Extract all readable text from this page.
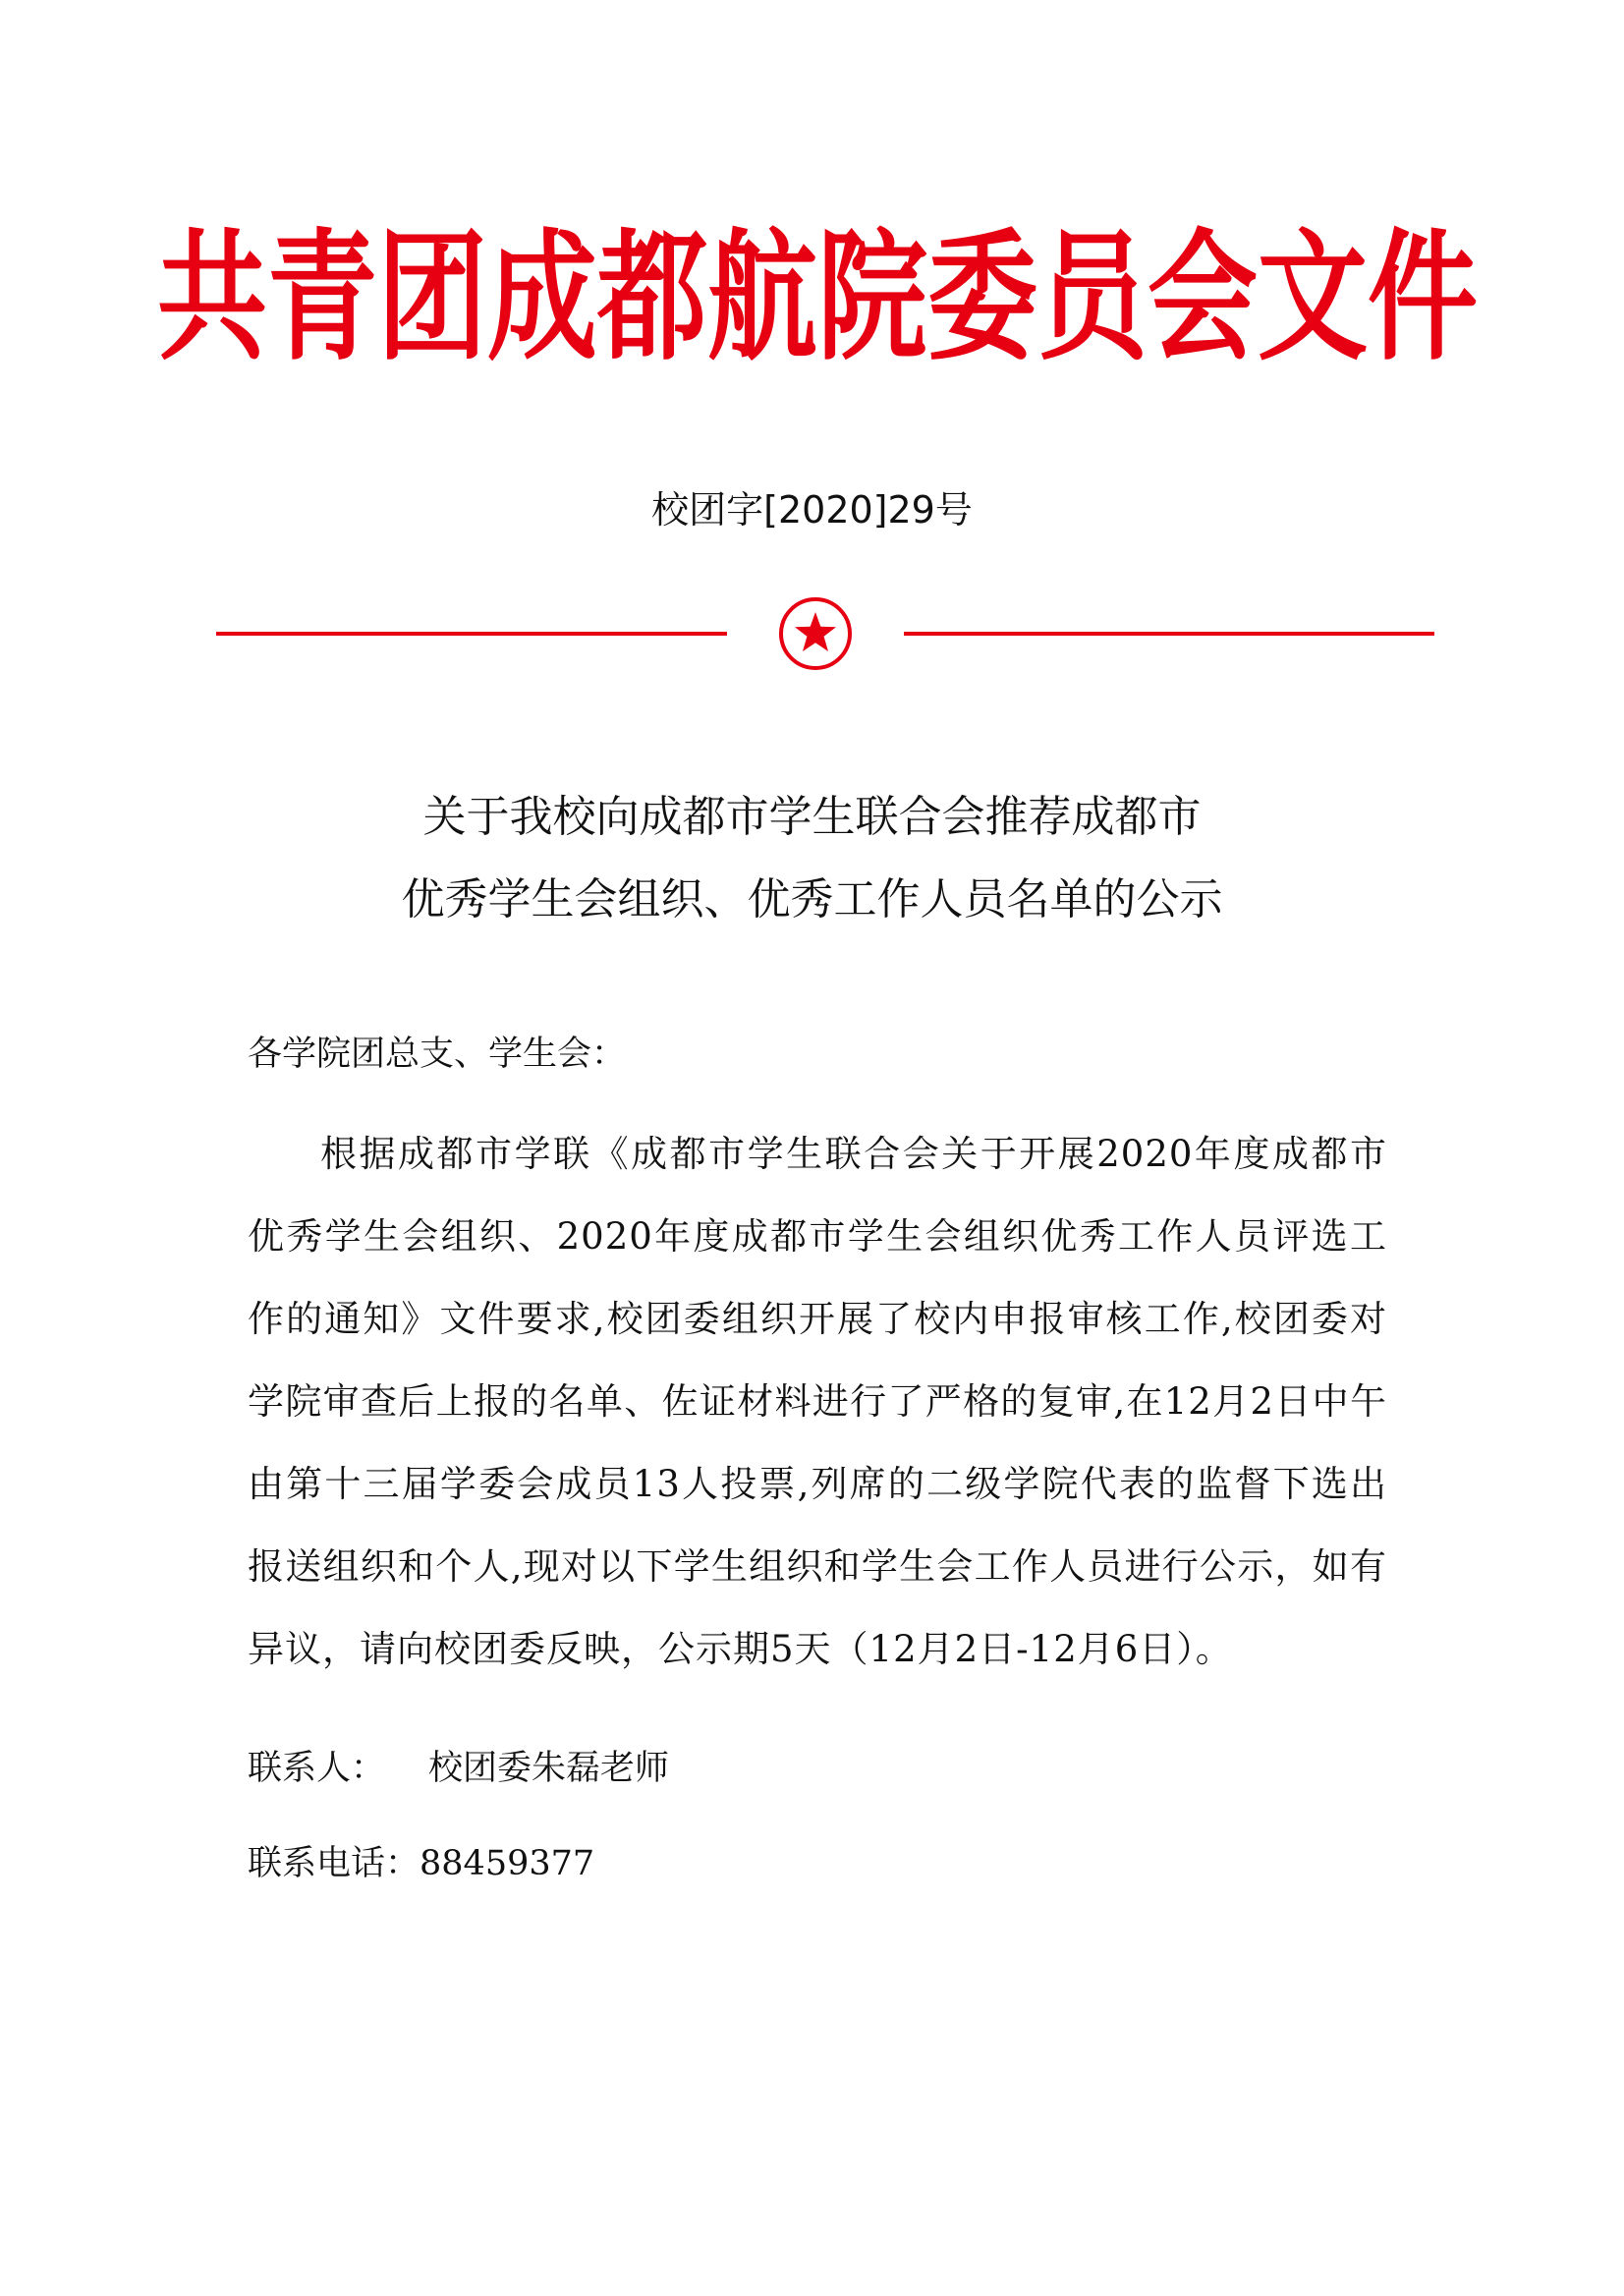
共青团成都航院委员会文件
校团字[2020]29号
关于我校向成都市学生联合会推荐成都市
优秀学生会组织、优秀工作人员名单的公示
各学院团总支、学生会：
根据成都市学联《成都市学生联合会关于开展2020年度成都市优秀学生会组织、2020年度成都市学生会组织优秀工作人员评选工作的通知》文件要求,校团委组织开展了校内申报审核工作,校团委对学院审查后上报的名单、佐证材料进行了严格的复审,在12月2日中午由第十三届学委会成员13人投票,列席的二级学院代表的监督下选出报送组织和个人,现对以下学生组织和学生会工作人员进行公示，如有异议，请向校团委反映，公示期5天（12月2日-12月6日）。
联系人： 校团委朱磊老师
联系电话：88459377
